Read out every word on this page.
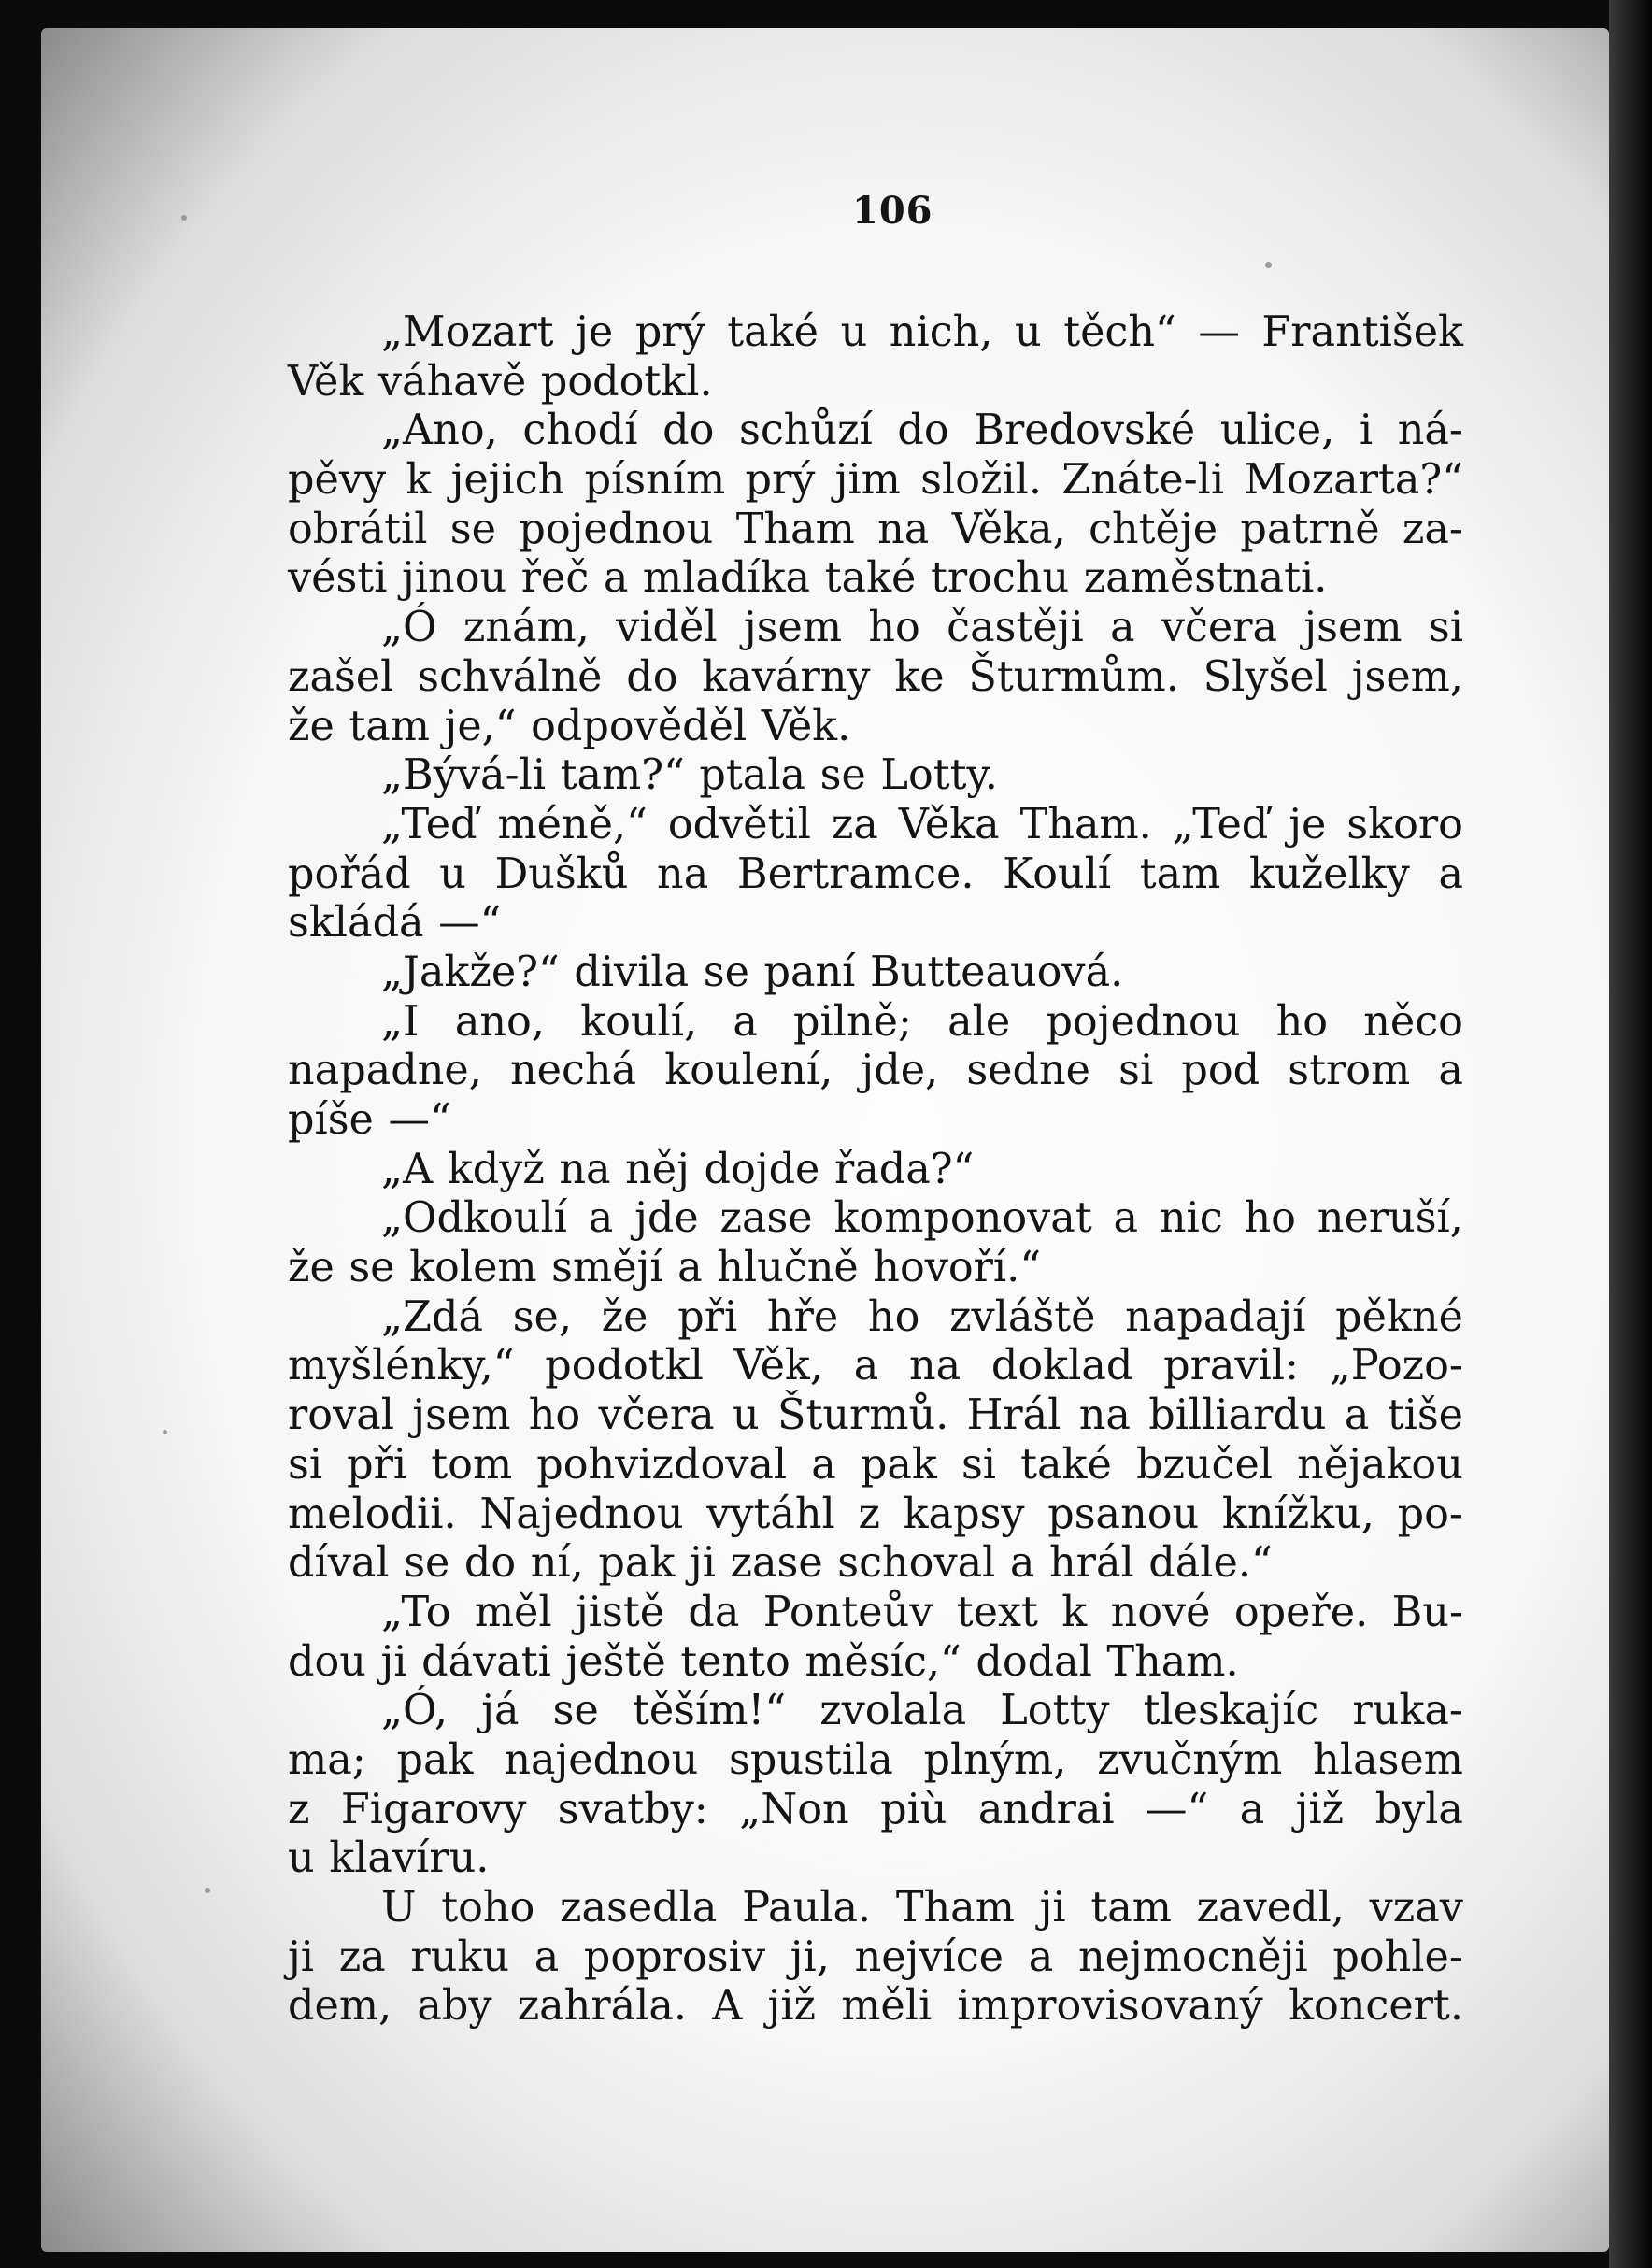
106
„Mozart je prý také u nich, u těch“ — František
Věk váhavě podotkl.
„Ano, chodí do schůzí do Bredovské ulice, i ná-
pěvy k jejich písním prý jim složil. Znáte-li Mozarta?“
obrátil se pojednou Tham na Věka, chtěje patrně za-
vésti jinou řeč a mladíka také trochu zaměstnati.
„Ó znám, viděl jsem ho častěji a včera jsem si
zašel schválně do kavárny ke Šturmům. Slyšel jsem,
že tam je,“ odpověděl Věk.
„Bývá-li tam?“ ptala se Lotty.
„Teď méně,“ odvětil za Věka Tham. „Teď je skoro
pořád u Dušků na Bertramce. Koulí tam kuželky a
skládá —“
„Jakže?“ divila se paní Butteauová.
„I ano, koulí, a pilně; ale pojednou ho něco
napadne, nechá koulení, jde, sedne si pod strom a
píše —“
„A když na něj dojde řada?“
„Odkoulí a jde zase komponovat a nic ho neruší,
že se kolem smějí a hlučně hovoří.“
„Zdá se, že při hře ho zvláště napadají pěkné
myšlénky,“ podotkl Věk, a na doklad pravil: „Pozo-
roval jsem ho včera u Šturmů. Hrál na billiardu a tiše
si při tom pohvizdoval a pak si také bzučel nějakou
melodii. Najednou vytáhl z kapsy psanou knížku, po-
díval se do ní, pak ji zase schoval a hrál dále.“
„To měl jistě da Ponteův text k nové opeře. Bu-
dou ji dávati ještě tento měsíc,“ dodal Tham.
„Ó, já se těším!“ zvolala Lotty tleskajíc ruka-
ma; pak najednou spustila plným, zvučným hlasem
z Figarovy svatby: „Non più andrai —“ a již byla
u klavíru.
U toho zasedla Paula. Tham ji tam zavedl, vzav
ji za ruku a poprosiv ji, nejvíce a nejmocněji pohle-
dem, aby zahrála. A již měli improvisovaný koncert.
